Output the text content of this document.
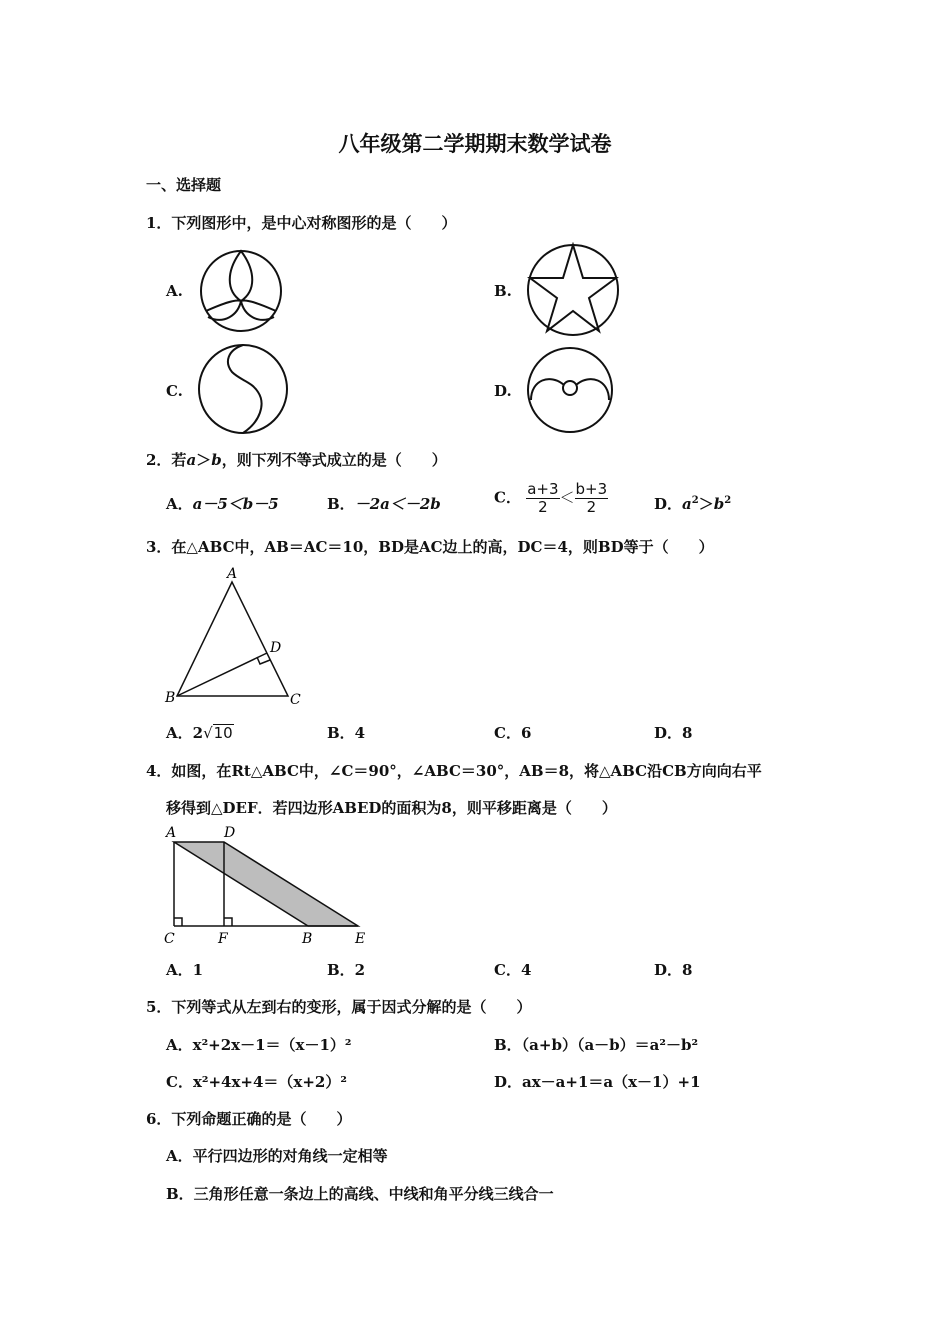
八年级第二学期期末数学试卷
一、选择题
1．下列图形中，是中心对称图形的是（　　）
A.	B.
C.	D.
2．若a＞b，则下列不等式成立的是（　　）
A．a－5＜b－5	B．－2a＜－2b	C． $\frac{a+3}{2} < \frac{b+3}{2}$	D．$a^2>b^2$
3．在△ABC中，AB＝AC＝10，BD是AC边上的高，DC＝4，则BD等于（　　）
A
D
B	C
A．2√10	B．4	C．6	D．8
4．如图，在Rt△ABC中，∠C＝90°，∠ABC＝30°，AB＝8，将△ABC沿CB方向向右平
移得到△DEF．若四边形ABED的面积为8，则平移距离是（　　）
A	D
C	F	B	E
A．1	B．2	C．4	D．8
5．下列等式从左到右的变形，属于因式分解的是（　　）
A．x²+2x－1＝（x－1）²	B．（a+b）（a－b）＝a²－b²
C．x²+4x+4＝（x+2）²	D．ax－a+1＝a（x－1）+1
6．下列命题正确的是（　　）
A．平行四边形的对角线一定相等
B．三角形任意一条边上的高线、中线和角平分线三线合一
